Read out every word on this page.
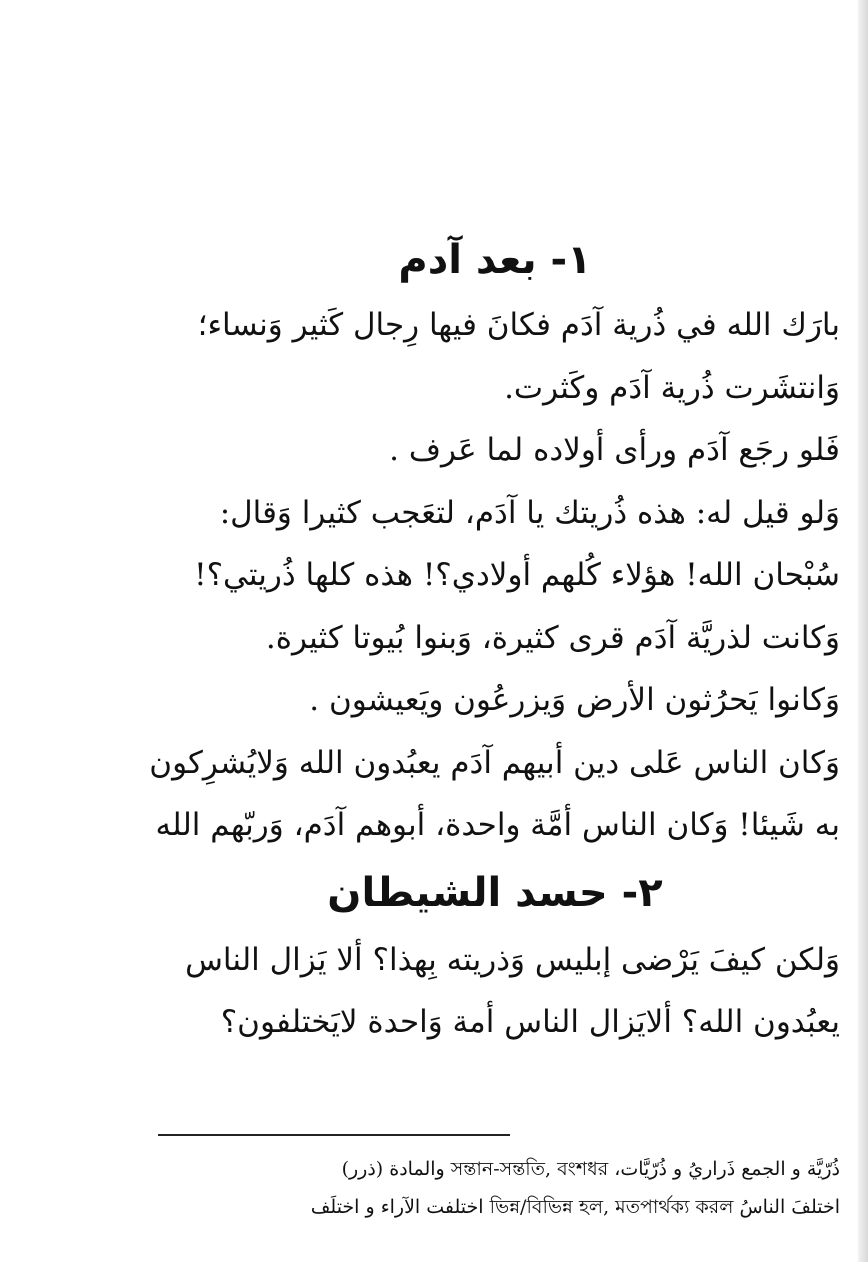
١- بعد آدم

بارَك الله في ذُرية آدَم فكانَ فيها رِجال كَثير وَنساء؛

وَانتشَرت ذُرية آدَم وكَثرت.

فَلو رجَع آدَم ورأى أولاده لما عَرف .

وَلو قيل له: هذه ذُريتك يا آدَم، لتعَجب كثيرا وَقال:

سُبْحان الله! هؤلاء كُلهم أولادي؟! هذه كلها ذُريتي؟!

وَكانت لذريَّة آدَم قرى كثيرة، وَبنوا بُيوتا كثيرة.

وَكانوا يَحرُثون الأرض وَيزرعُون ويَعيشون .

وَكان الناس عَلى دين أبيهم آدَم يعبُدون الله وَلايُشرِكون

به شَيئا! وَكان الناس أمَّة واحدة، أبوهم آدَم، وَربّهم الله

٢- حسد الشيطان

وَلكن كيفَ يَرْضى إبليس وَذريته بِهذا؟ ألا يَزال الناس

يعبُدون الله؟ ألايَزال الناس أمة وَاحدة لايَختلفون؟

ذُرّيَّة و الجمع ذَراريُ و ذُرّيَّات، সন্তান-সন্ততি, বংশধর والمادة (ذرر)

اختلفَ الناسُ ভিন্ন/বিভিন্ন হল, মতপার্থক্য করল اختلفت الآراء و اختلَف
